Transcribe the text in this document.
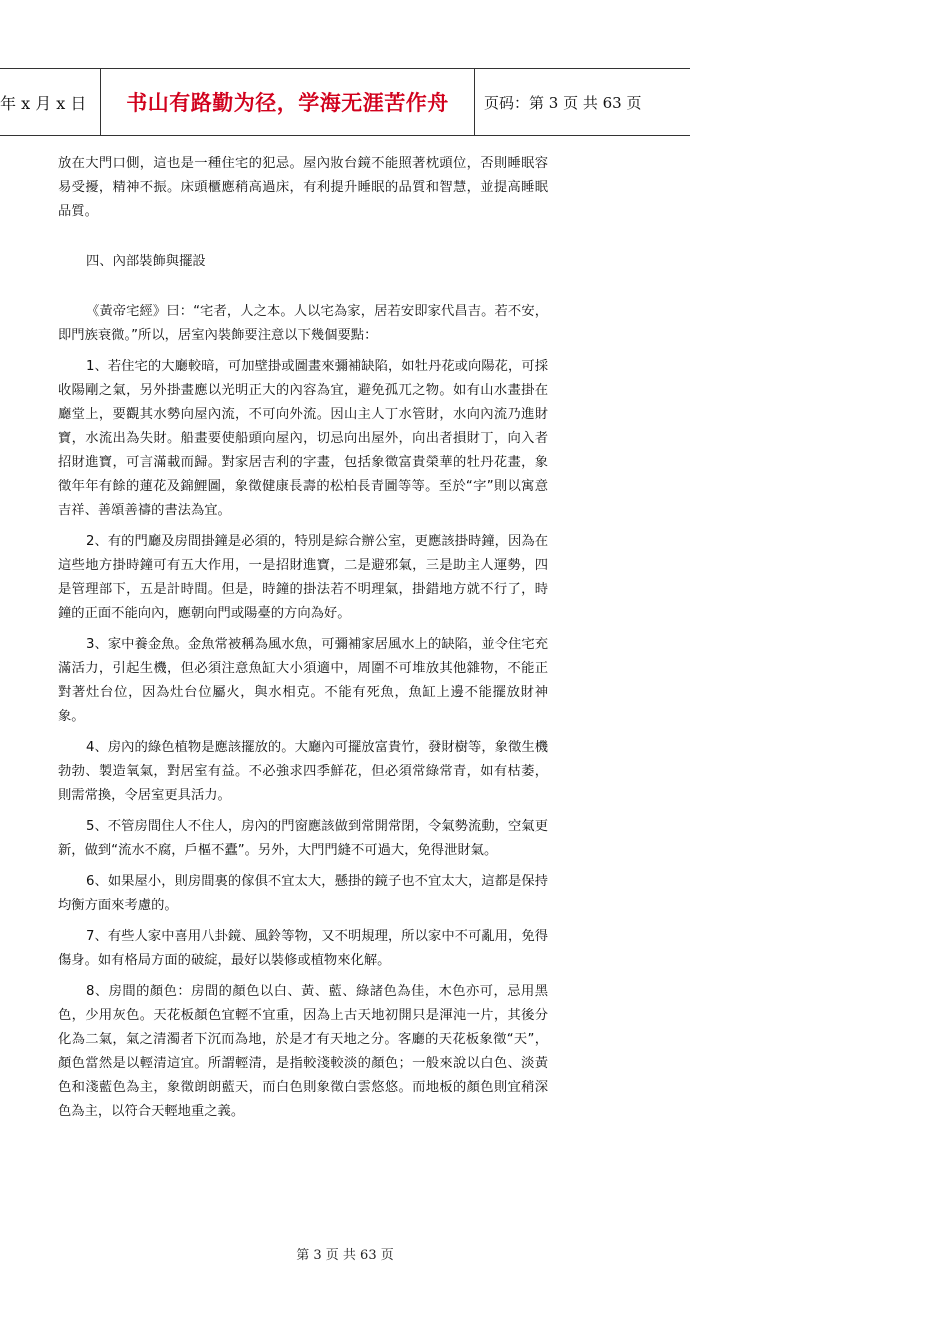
年 x 月 x 日	书山有路勤为径，学海无涯苦作舟	页码：第 3 页 共 63 页

放在大門口側，這也是一種住宅的犯忌。屋內妝台鏡不能照著枕頭位，否則睡眠容易受擾，精神不振。床頭櫃應稍高過床，有利提升睡眠的品質和智慧，並提高睡眠品質。

四、內部裝飾與擺設

《黃帝宅經》曰：“宅者，人之本。人以宅為家，居若安即家代昌吉。若不安，即門族衰微。”所以，居室內裝飾要注意以下幾個要點：

1、若住宅的大廳較暗，可加壁掛或圖畫來彌補缺陷，如牡丹花或向陽花，可採收陽剛之氣，另外掛畫應以光明正大的內容為宜，避免孤兀之物。如有山水畫掛在廳堂上，要觀其水勢向屋內流，不可向外流。因山主人丁水管財，水向內流乃進財寶，水流出為失財。船畫要使船頭向屋內，切忌向出屋外，向出者損財丁，向入者招財進寶，可言滿載而歸。對家居吉利的字畫，包括象徵富貴榮華的牡丹花畫，象徵年年有餘的蓮花及錦鯉圖，象徵健康長壽的松柏長青圖等等。至於“字”則以寓意吉祥、善頌善禱的書法為宜。

2、有的門廳及房間掛鐘是必須的，特別是綜合辦公室，更應該掛時鐘，因為在這些地方掛時鐘可有五大作用，一是招財進寶，二是避邪氣，三是助主人運勢，四是管理部下，五是計時間。但是，時鐘的掛法若不明理氣，掛錯地方就不行了，時鐘的正面不能向內，應朝向門或陽臺的方向為好。

3、家中養金魚。金魚常被稱為風水魚，可彌補家居風水上的缺陷，並令住宅充滿活力，引起生機，但必須注意魚缸大小須適中，周圍不可堆放其他雜物，不能正對著灶台位，因為灶台位屬火，與水相克。不能有死魚，魚缸上邊不能擺放財神象。

4、房內的綠色植物是應該擺放的。大廳內可擺放富貴竹，發財樹等，象徵生機勃勃、製造氧氣，對居室有益。不必強求四季鮮花，但必須常綠常青，如有枯萎，則需常換，令居室更具活力。

5、不管房間住人不住人，房內的門窗應該做到常開常閉，令氣勢流動，空氣更新，做到“流水不腐，戶樞不蠹”。另外，大門門縫不可過大，免得泄財氣。

6、如果屋小，則房間裏的傢俱不宜太大，懸掛的鏡子也不宜太大，這都是保持均衡方面來考慮的。

7、有些人家中喜用八卦鏡、風鈴等物，又不明規理，所以家中不可亂用，免得傷身。如有格局方面的破綻，最好以裝修或植物來化解。

8、房間的顏色：房間的顏色以白、黃、藍、綠諸色為佳，木色亦可，忌用黑色，少用灰色。天花板顏色宜輕不宜重，因為上古天地初開只是渾沌一片，其後分化為二氣，氣之清濁者下沉而為地，於是才有天地之分。客廳的天花板象徵“天”，顏色當然是以輕清這宜。所謂輕清，是指較淺較淡的顏色；一般來說以白色、淡黃色和淺藍色為主，象徵朗朗藍天，而白色則象徵白雲悠悠。而地板的顏色則宜稍深色為主，以符合天輕地重之義。

第 3 页 共 63 页
